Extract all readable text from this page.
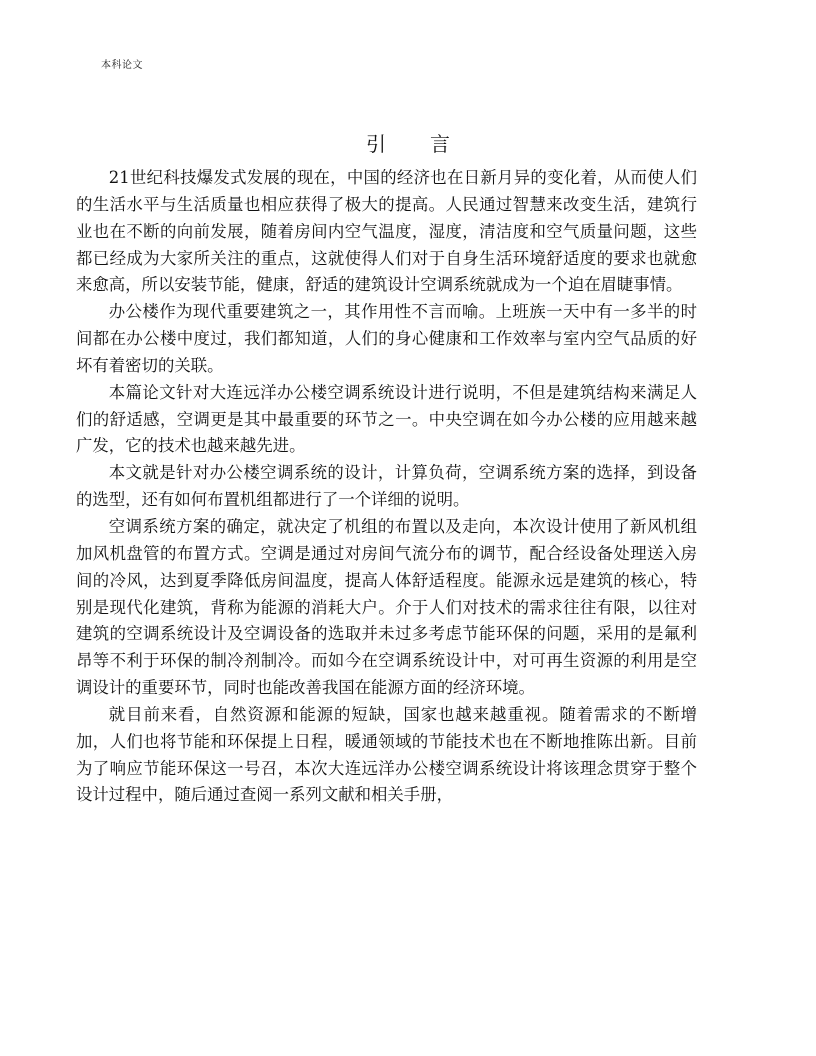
本科论文
引言

21世纪科技爆发式发展的现在，中国的经济也在日新月异的变化着，从而使人们的生活水平与生活质量也相应获得了极大的提高。人民通过智慧来改变生活，建筑行业也在不断的向前发展，随着房间内空气温度，湿度，清洁度和空气质量问题，这些都已经成为大家所关注的重点，这就使得人们对于自身生活环境舒适度的要求也就愈来愈高，所以安装节能，健康，舒适的建筑设计空调系统就成为一个迫在眉睫事情。

办公楼作为现代重要建筑之一，其作用性不言而喻。上班族一天中有一多半的时间都在办公楼中度过，我们都知道，人们的身心健康和工作效率与室内空气品质的好坏有着密切的关联。

本篇论文针对大连远洋办公楼空调系统设计进行说明，不但是建筑结构来满足人们的舒适感，空调更是其中最重要的环节之一。中央空调在如今办公楼的应用越来越广发，它的技术也越来越先进。

本文就是针对办公楼空调系统的设计，计算负荷，空调系统方案的选择，到设备的选型，还有如何布置机组都进行了一个详细的说明。

空调系统方案的确定，就决定了机组的布置以及走向，本次设计使用了新风机组加风机盘管的布置方式。空调是通过对房间气流分布的调节，配合经设备处理送入房间的冷风，达到夏季降低房间温度，提高人体舒适程度。能源永远是建筑的核心，特别是现代化建筑，背称为能源的消耗大户。介于人们对技术的需求往往有限，以往对建筑的空调系统设计及空调设备的选取并未过多考虑节能环保的问题，采用的是氟利昂等不利于环保的制冷剂制冷。而如今在空调系统设计中，对可再生资源的利用是空调设计的重要环节，同时也能改善我国在能源方面的经济环境。

就目前来看，自然资源和能源的短缺，国家也越来越重视。随着需求的不断增加，人们也将节能和环保提上日程，暖通领域的节能技术也在不断地推陈出新。目前为了响应节能环保这一号召，本次大连远洋办公楼空调系统设计将该理念贯穿于整个设计过程中，随后通过查阅一系列文献和相关手册，
